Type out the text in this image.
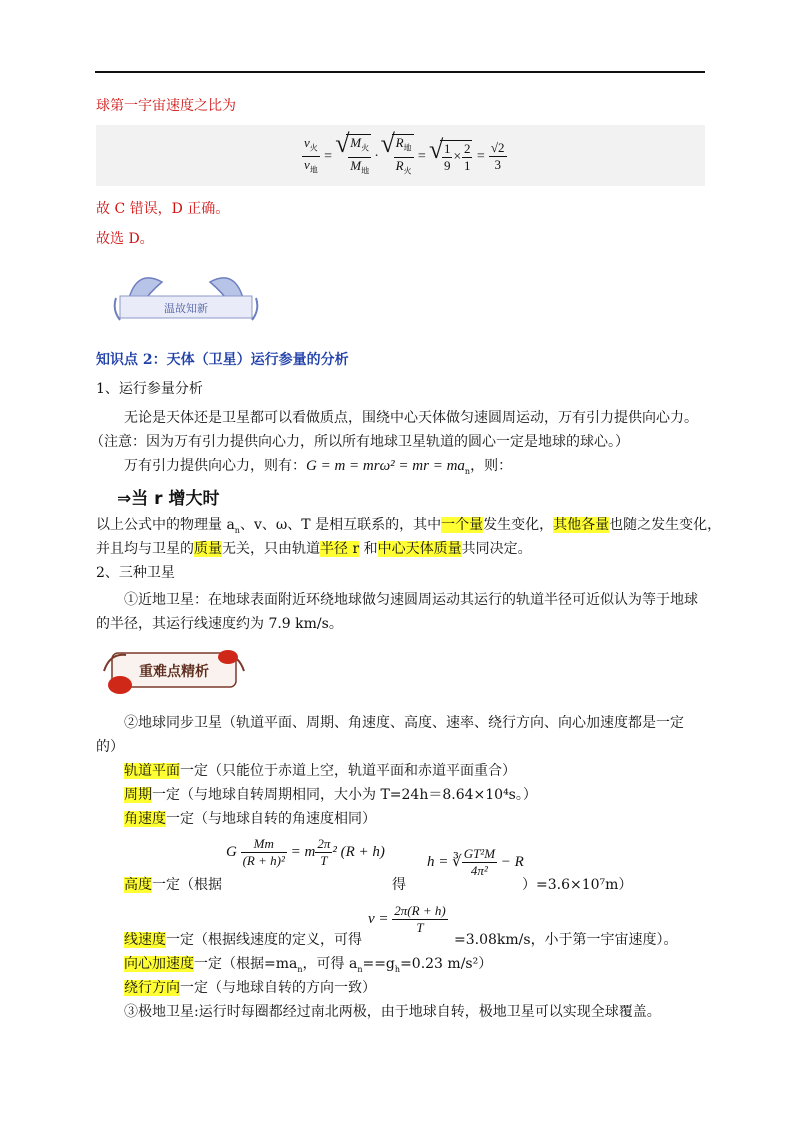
球第一宇宙速度之比为
$\frac{v_火}{v_地}$ = √ $\frac{M_火}{M_地}$ · √ $\frac{R_地}{R_火}$ = √ $\frac{1}{9} \times \frac{2}{1} = \frac{√2}{3}$
故 C 错误，D 正确。
故选 D。
温故知新
知识点 2：天体（卫星）运行参量的分析
1、运行参量分析
无论是天体还是卫星都可以看做质点，围绕中心天体做匀速圆周运动，万有引力提供向心力。
（注意：因为万有引力提供向心力，所以所有地球卫星轨道的圆心一定是地球的球心。）
万有引力提供向心力，则有：G = m = mrω² = mr = $ma_n$，则：
⇒当 r 增大时
以上公式中的物理量 $a_n$、v、ω、T 是相互联系的，其中一个量发生变化，其他各量也随之发生变化，
并且均与卫星的质量无关，只由轨道半径 r 和中心天体质量共同决定。
2、三种卫星
①近地卫星：在地球表面附近环绕地球做匀速圆周运动其运行的轨道半径可近似认为等于地球
的半径，其运行线速度约为 7.9 km/s。
重难点精析
②地球同步卫星（轨道平面、周期、角速度、高度、速率、绕行方向、向心加速度都是一定
的）
轨道平面一定（只能位于赤道上空，轨道平面和赤道平面重合）
周期一定（与地球自转周期相同，大小为 T=24h＝8.64×10⁴s。）
角速度一定（与地球自转的角速度相同）
G $\frac{Mm}{\text{(R + h)²}} = m \frac{2\pi}{T} ^2$ (R + h)
h = ∛ $\frac{\text{GT²M}}{\text{4π²}} - R$
高度一定（根据	得	）=3.6×10⁷m）
$v = \frac{2\pi(R + h)}{T}$
线速度一定（根据线速度的定义，可得	=3.08km/s，小于第一宇宙速度）。
向心加速度一定（根据$=ma_n$，可得 $a_n==g_h=0.23$ m/s²）
绕行方向一定（与地球自转的方向一致）
③极地卫星:运行时每圈都经过南北两极，由于地球自转，极地卫星可以实现全球覆盖。
